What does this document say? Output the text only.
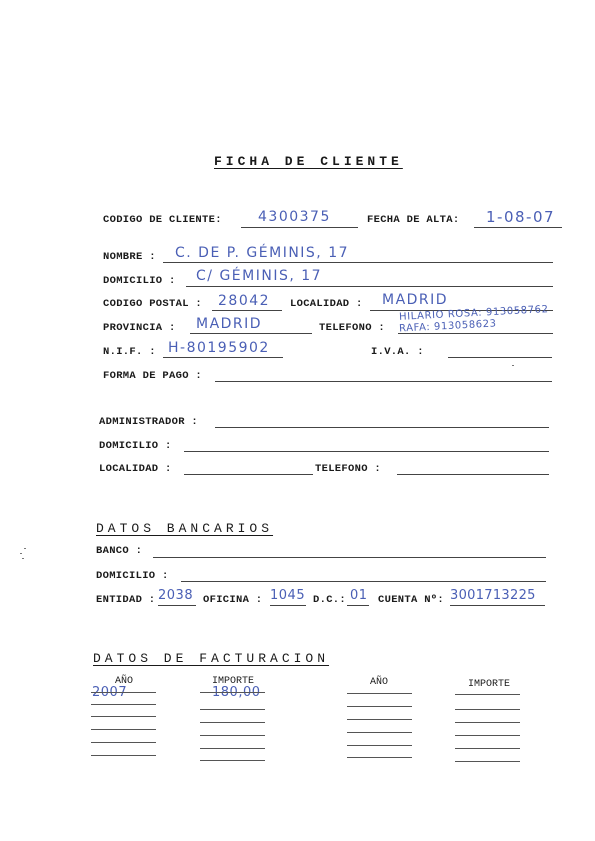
FICHA DE CLIENTE
CODIGO DE CLIENTE:	4300375	FECHA DE ALTA: 1-08-07
NOMBRE : C. DE P. GÉMINIS, 17
DOMICILIO : C/ GÉMINIS, 17
CODIGO POSTAL : 28042 LOCALIDAD : MADRID
PROVINCIA : MADRID	TELEFONO :
HILARIO ROSA: 913058762
RAFA: 913058623
N.I.F. : H-80195902	I.V.A. :
FORMA DE PAGO :
ADMINISTRADOR :
DOMICILIO :
LOCALIDAD :	TELEFONO :
DATOS BANCARIOS
BANCO :
DOMICILIO :
ENTIDAD : 2038 OFICINA : 1045 D.C.: 01 CUENTA Nº: 3001713225
DATOS DE FACTURACION
AÑO	IMPORTE	AÑO	IMPORTE
2007	180,00
